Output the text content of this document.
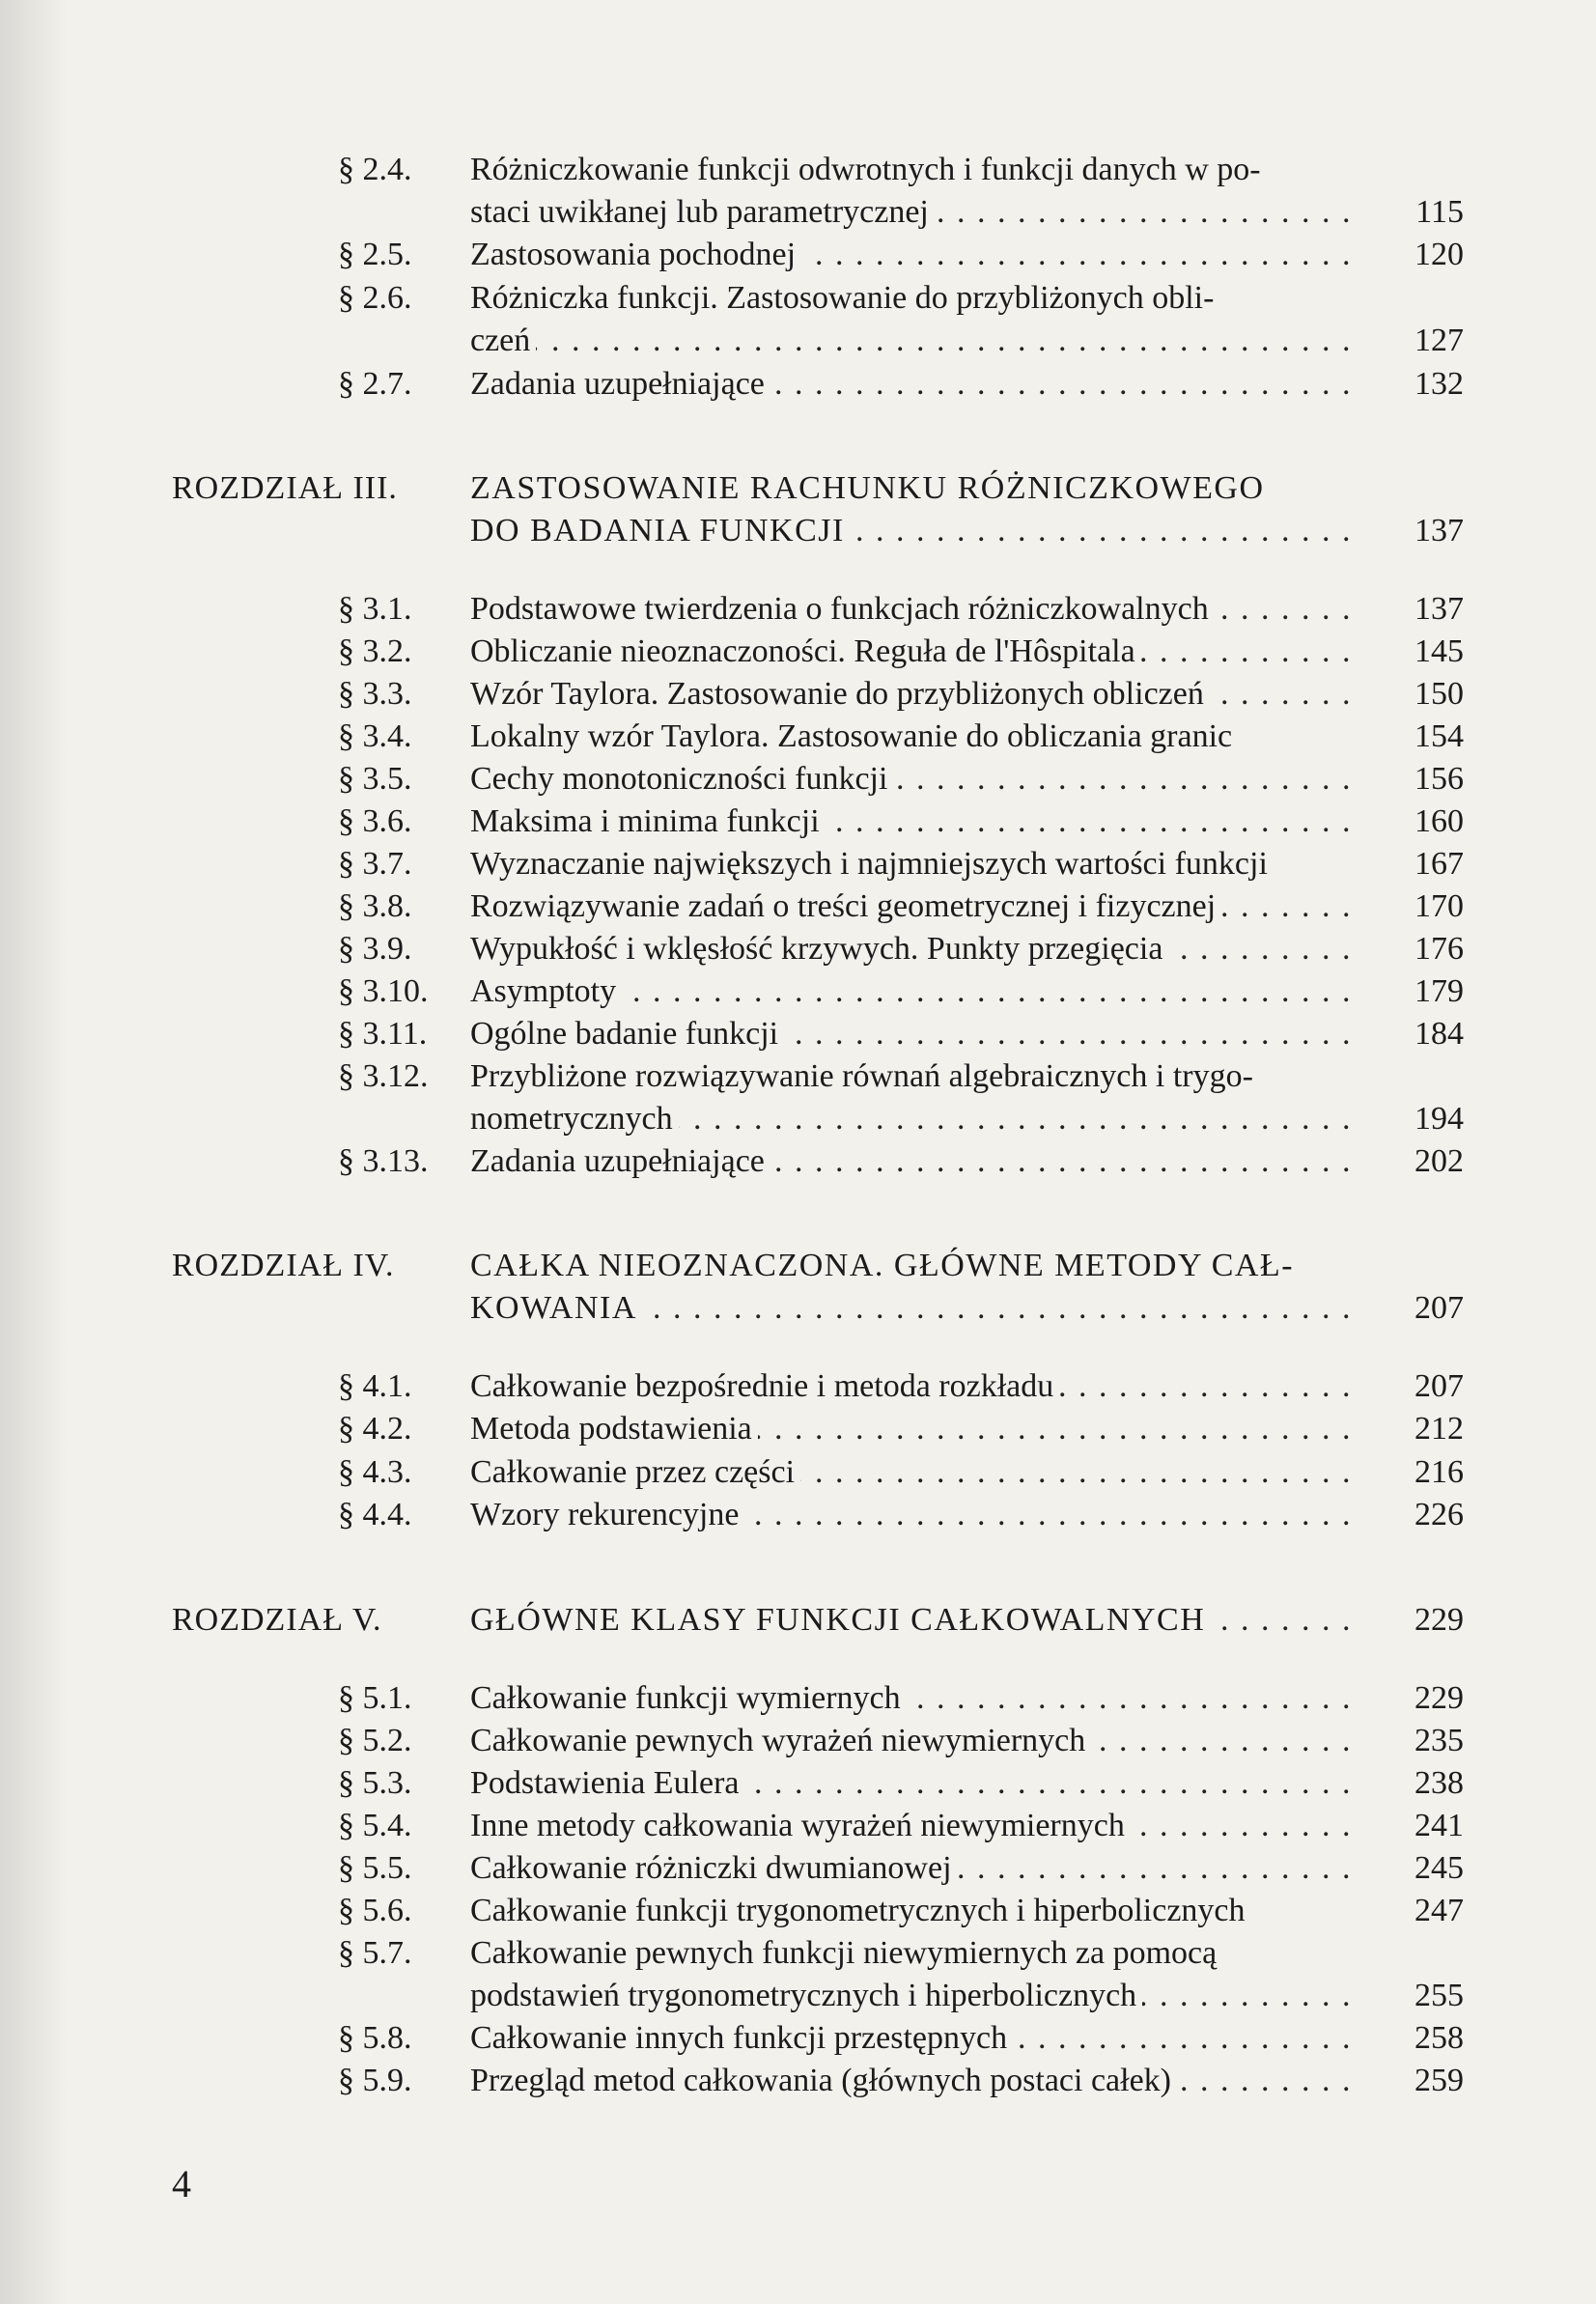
§ 2.4.	Różniczkowanie funkcji odwrotnych i funkcji danych w po-
staci uwikłanej lub parametrycznej . . .	115
§ 2.5.	Zastosowania pochodnej . . .	120
§ 2.6.	Różniczka funkcji. Zastosowanie do przybliżonych obli-
czeń . . .	127
§ 2.7.	Zadania uzupełniające . . .	132
ROZDZIAŁ III.	ZASTOSOWANIE RACHUNKU RÓŻNICZKOWEGO
DO BADANIA FUNKCJI . . .	137
§ 3.1.	Podstawowe twierdzenia o funkcjach różniczkowalnych . . .	137
§ 3.2.	Obliczanie nieoznaczoności. Reguła de l'Hôspitala . . .	145
§ 3.3.	Wzór Taylora. Zastosowanie do przybliżonych obliczeń . . .	150
§ 3.4.	Lokalny wzór Taylora. Zastosowanie do obliczania granic	154
§ 3.5.	Cechy monotoniczności funkcji . . .	156
§ 3.6.	Maksima i minima funkcji . . .	160
§ 3.7.	Wyznaczanie największych i najmniejszych wartości funkcji	167
§ 3.8.	Rozwiązywanie zadań o treści geometrycznej i fizycznej . . .	170
§ 3.9.	Wypukłość i wklęsłość krzywych. Punkty przegięcia . . .	176
§ 3.10.	Asymptoty . . .	179
§ 3.11.	Ogólne badanie funkcji . . .	184
§ 3.12.	Przybliżone rozwiązywanie równań algebraicznych i trygo-
nometrycznych . . .	194
§ 3.13.	Zadania uzupełniające . . .	202
ROZDZIAŁ IV.	CAŁKA NIEOZNACZONA. GŁÓWNE METODY CAŁ-
KOWANIA . . .	207
§ 4.1.	Całkowanie bezpośrednie i metoda rozkładu . . .	207
§ 4.2.	Metoda podstawienia . . .	212
§ 4.3.	Całkowanie przez części . . .	216
§ 4.4.	Wzory rekurencyjne . . .	226
ROZDZIAŁ V.	GŁÓWNE KLASY FUNKCJI CAŁKOWALNYCH . . .	229
§ 5.1.	Całkowanie funkcji wymiernych . . .	229
§ 5.2.	Całkowanie pewnych wyrażeń niewymiernych . . .	235
§ 5.3.	Podstawienia Eulera . . .	238
§ 5.4.	Inne metody całkowania wyrażeń niewymiernych . . .	241
§ 5.5.	Całkowanie różniczki dwumianowej . . .	245
§ 5.6.	Całkowanie funkcji trygonometrycznych i hiperbolicznych	247
§ 5.7.	Całkowanie pewnych funkcji niewymiernych za pomocą
podstawień trygonometrycznych i hiperbolicznych . . .	255
§ 5.8.	Całkowanie innych funkcji przestępnych . . .	258
§ 5.9.	Przegląd metod całkowania (głównych postaci całek) . . .	259
4
